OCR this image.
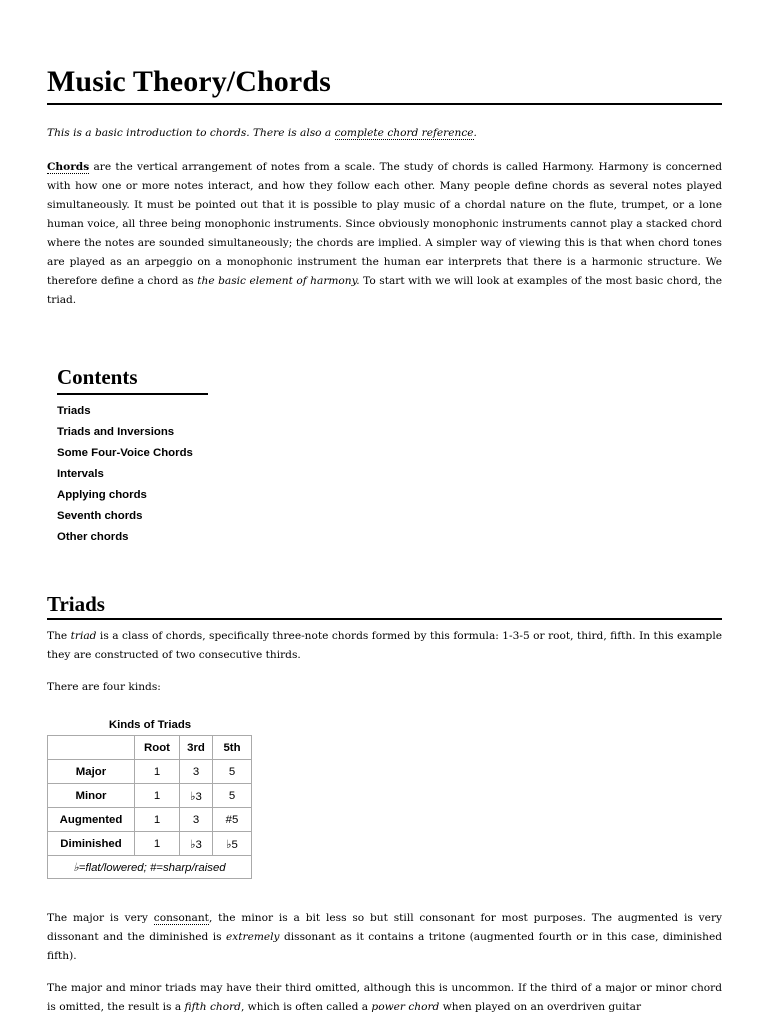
Music Theory/Chords

This is a basic introduction to chords. There is also a complete chord reference.

Chords are the vertical arrangement of notes from a scale. The study of chords is called Harmony. Harmony is concerned with how one or more notes interact, and how they follow each other. Many people define chords as several notes played simultaneously. It must be pointed out that it is possible to play music of a chordal nature on the flute, trumpet, or a lone human voice, all three being monophonic instruments. Since obviously monophonic instruments cannot play a stacked chord where the notes are sounded simultaneously; the chords are implied. A simpler way of viewing this is that when chord tones are played as an arpeggio on a monophonic instrument the human ear interprets that there is a harmonic structure. We therefore define a chord as the basic element of harmony. To start with we will look at examples of the most basic chord, the triad.

Contents
Triads
Triads and Inversions
Some Four-Voice Chords
Intervals
Applying chords
Seventh chords
Other chords
Triads

The triad is a class of chords, specifically three-note chords formed by this formula: 1-3-5 or root, third, fifth. In this example they are constructed of two consecutive thirds.

There are four kinds:

Kinds of Triads
	Root	3rd	5th
Major	1	3	5
Minor	1	♭3	5
Augmented	1	3	#5
Diminished	1	♭3	♭5
♭=flat/lowered; #=sharp/raised			

The major is very consonant, the minor is a bit less so but still consonant for most purposes. The augmented is very dissonant and the diminished is extremely dissonant as it contains a tritone (augmented fourth or in this case, diminished fifth).

The major and minor triads may have their third omitted, although this is uncommon. If the third of a major or minor chord is omitted, the result is a fifth chord, which is often called a power chord when played on an overdriven guitar
